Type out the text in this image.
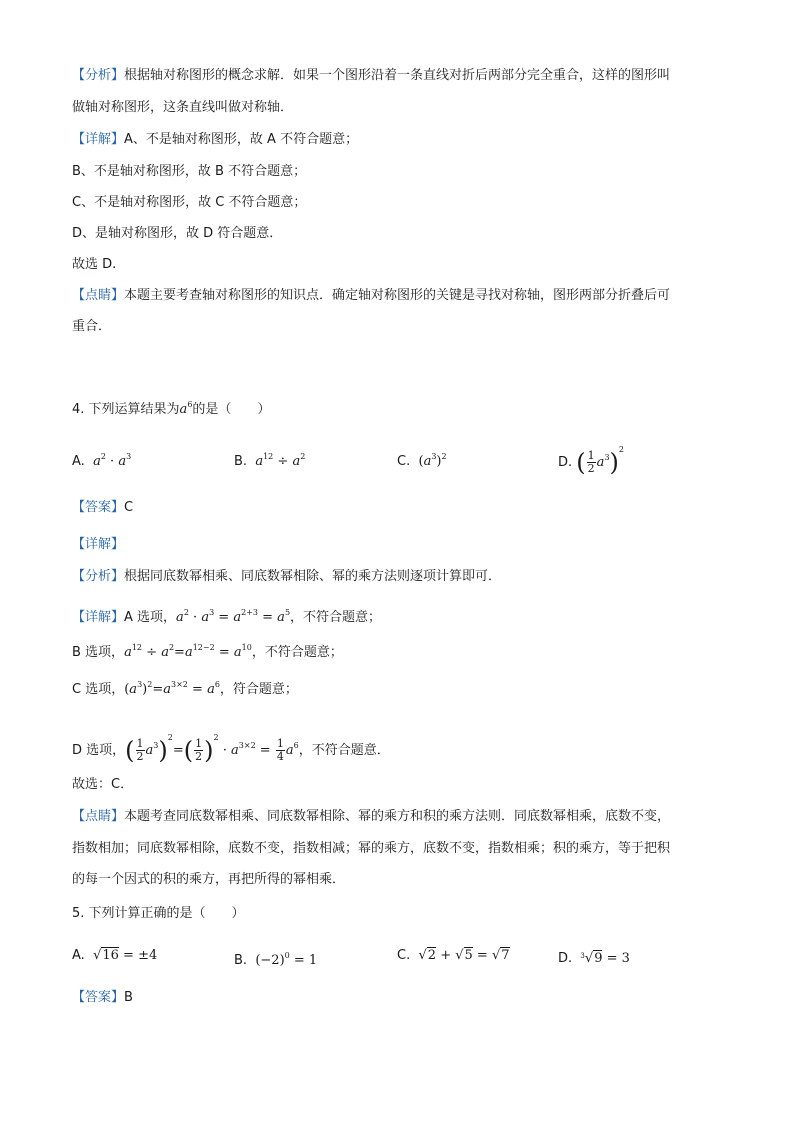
【分析】根据轴对称图形的概念求解．如果一个图形沿着一条直线对折后两部分完全重合，这样的图形叫
做轴对称图形，这条直线叫做对称轴．
【详解】A、不是轴对称图形，故 A 不符合题意；
B、不是轴对称图形，故 B 不符合题意；
C、不是轴对称图形，故 C 不符合题意；
D、是轴对称图形，故 D 符合题意．
故选 D.
【点睛】本题主要考查轴对称图形的知识点．确定轴对称图形的关键是寻找对称轴，图形两部分折叠后可
重合．
4. 下列运算结果为$a^6$的是（　　）
A. $a^2 \cdot a^3$	B. $a^{12} \div a^2$	C. $(a^3)^2$	D. ( $\frac{1}{2} a^3)^2$
【答案】C
【详解】
【分析】根据同底数幂相乘、同底数幂相除、幂的乘方法则逐项计算即可．
【详解】A 选项，$a^2 \cdot a^3 = a^{2+3} = a^5$，不符合题意；
B 选项，$a^{12} \div a^2=a^{12-2} = a^{10}$，不符合题意；
C 选项，$(a^3)^2=a^{3\times 2} = a^6$，符合题意；
D 选项，( $\frac{1}{2} a^3)^2=( \frac{1}{2} )^2 \cdot a^{3\times 2} = \frac{1}{4} a^6$，不符合题意．
故选：C．
【点睛】本题考查同底数幂相乘、同底数幂相除、幂的乘方和积的乘方法则．同底数幂相乘，底数不变，
指数相加；同底数幂相除，底数不变，指数相减；幂的乘方，底数不变，指数相乘；积的乘方，等于把积
的每一个因式的积的乘方，再把所得的幂相乘．
5. 下列计算正确的是（　　）
A. √16 = ±4	B. $(-2)^0 = 1$	C. √2 + √5 = √7	D. $^3$√9 = 3
【答案】B
